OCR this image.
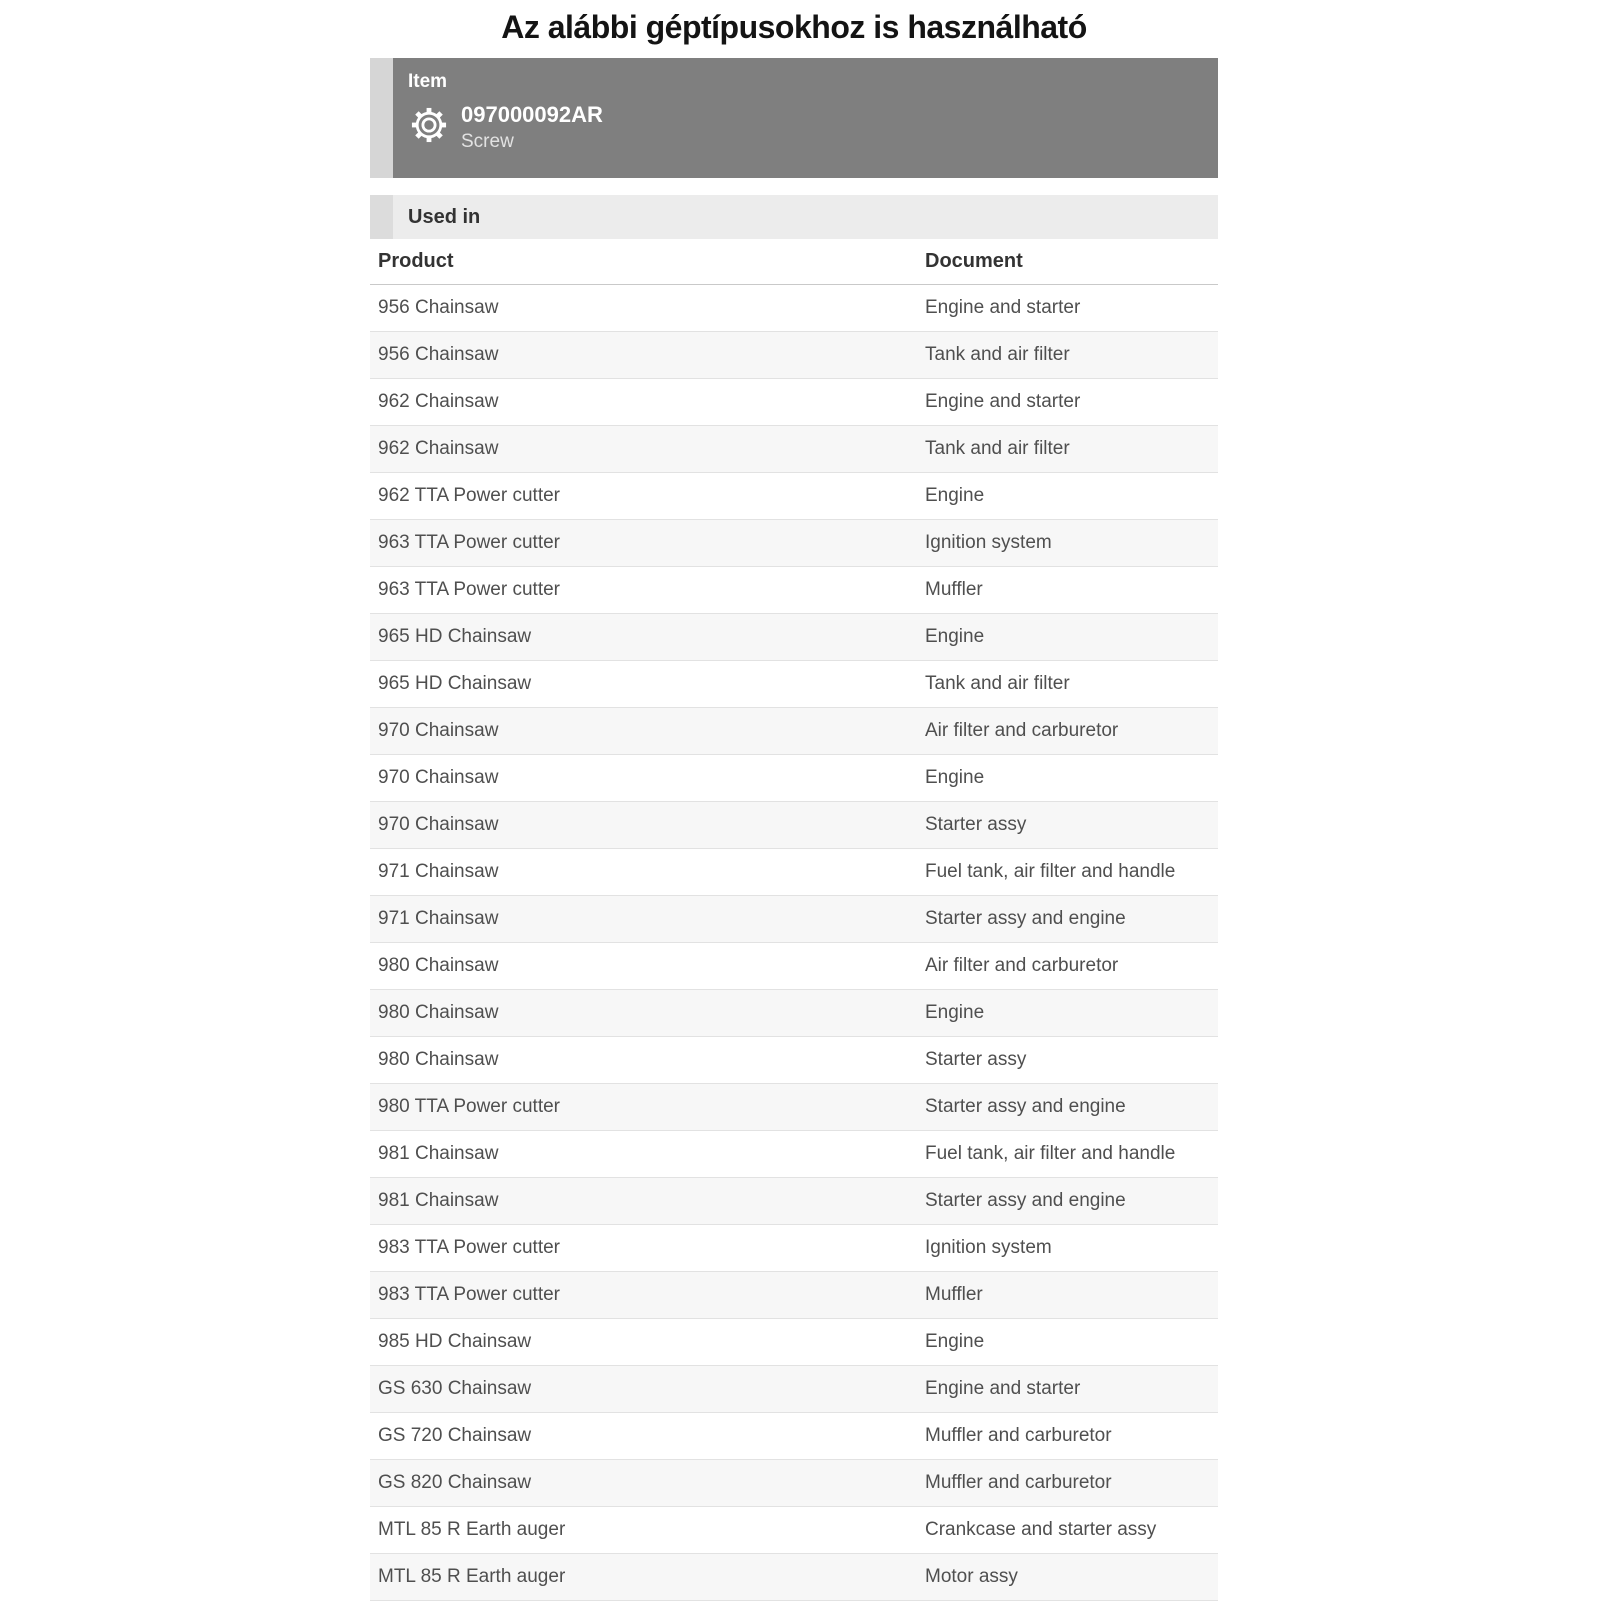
Az alábbi géptípusokhoz is használható
Item
097000092AR
Screw
Used in
Product	Document
956 Chainsaw	Engine and starter
956 Chainsaw	Tank and air filter
962 Chainsaw	Engine and starter
962 Chainsaw	Tank and air filter
962 TTA Power cutter	Engine
963 TTA Power cutter	Ignition system
963 TTA Power cutter	Muffler
965 HD Chainsaw	Engine
965 HD Chainsaw	Tank and air filter
970 Chainsaw	Air filter and carburetor
970 Chainsaw	Engine
970 Chainsaw	Starter assy
971 Chainsaw	Fuel tank, air filter and handle
971 Chainsaw	Starter assy and engine
980 Chainsaw	Air filter and carburetor
980 Chainsaw	Engine
980 Chainsaw	Starter assy
980 TTA Power cutter	Starter assy and engine
981 Chainsaw	Fuel tank, air filter and handle
981 Chainsaw	Starter assy and engine
983 TTA Power cutter	Ignition system
983 TTA Power cutter	Muffler
985 HD Chainsaw	Engine
GS 630 Chainsaw	Engine and starter
GS 720 Chainsaw	Muffler and carburetor
GS 820 Chainsaw	Muffler and carburetor
MTL 85 R Earth auger	Crankcase and starter assy
MTL 85 R Earth auger	Motor assy
